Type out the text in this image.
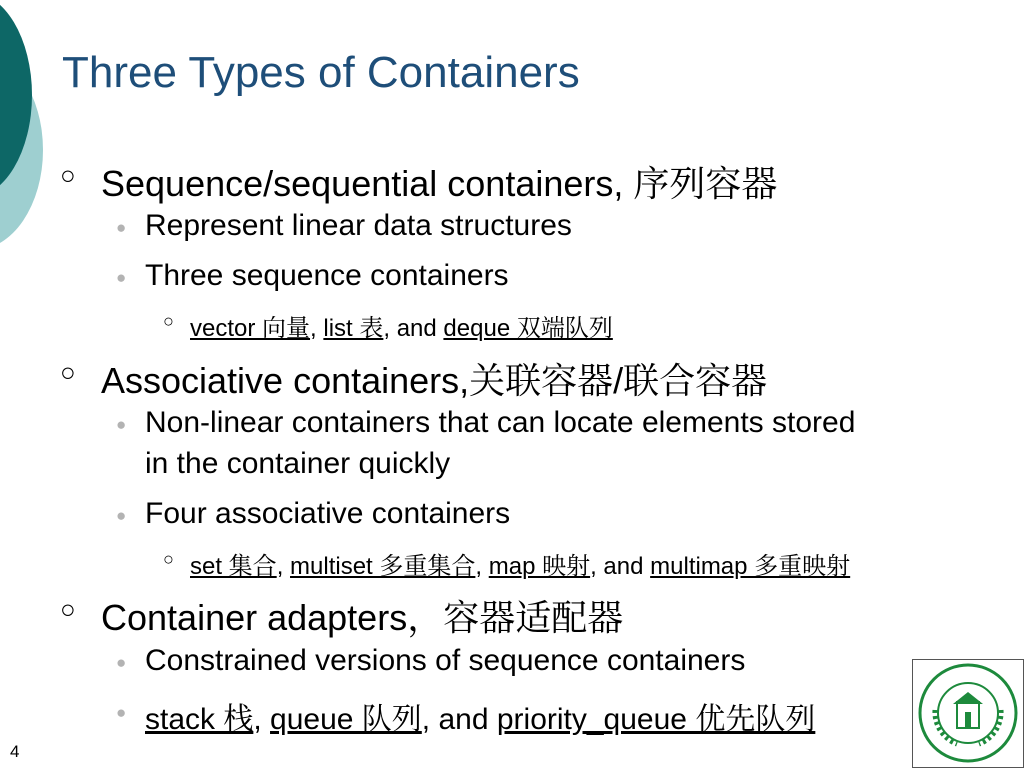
Three Types of Containers
○ Sequence/sequential containers, 序列容器
● Represent linear data structures
● Three sequence containers
○ vector 向量, list 表, and deque 双端队列
○ Associative containers,关联容器/联合容器
● Non-linear containers that can locate elements stored
in the container quickly
● Four associative containers
○ set 集合, multiset 多重集合, map 映射, and multimap 多重映射
○ Container adapters，容器适配器
● Constrained versions of sequence containers
● stack 栈, queue 队列, and priority_queue 优先队列
4
